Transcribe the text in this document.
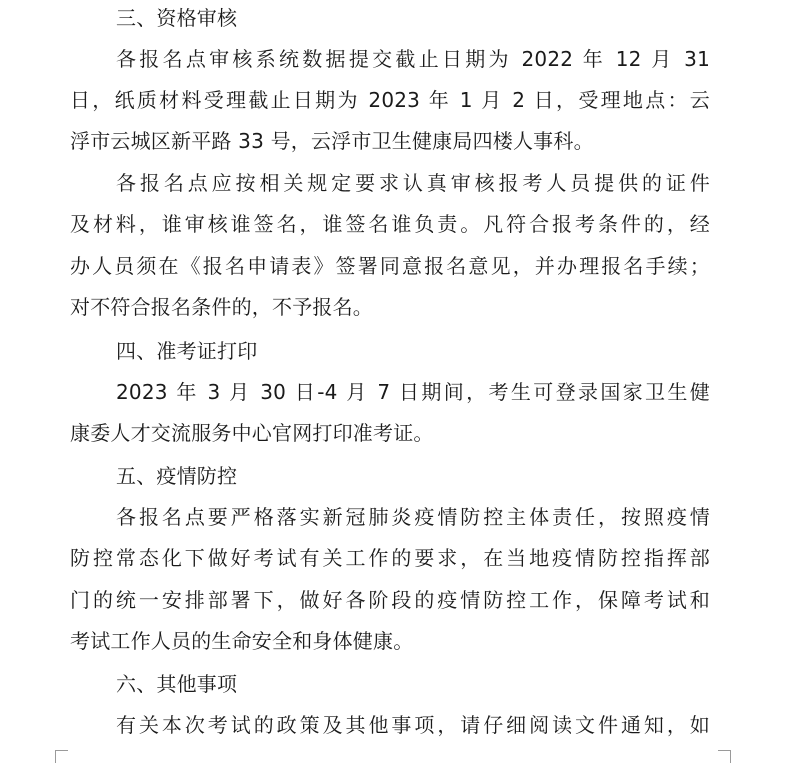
三、资格审核
各报名点审核系统数据提交截止日期为 2022 年 12 月 31
日，纸质材料受理截止日期为 2023 年 1 月 2 日，受理地点：云
浮市云城区新平路 33 号，云浮市卫生健康局四楼人事科。
各报名点应按相关规定要求认真审核报考人员提供的证件
及材料，谁审核谁签名，谁签名谁负责。凡符合报考条件的，经
办人员须在《报名申请表》签署同意报名意见，并办理报名手续；
对不符合报名条件的，不予报名。
四、准考证打印
2023 年 3 月 30 日-4 月 7 日期间，考生可登录国家卫生健
康委人才交流服务中心官网打印准考证。
五、疫情防控
各报名点要严格落实新冠肺炎疫情防控主体责任，按照疫情
防控常态化下做好考试有关工作的要求，在当地疫情防控指挥部
门的统一安排部署下，做好各阶段的疫情防控工作，保障考试和
考试工作人员的生命安全和身体健康。
六、其他事项
有关本次考试的政策及其他事项，请仔细阅读文件通知，如
